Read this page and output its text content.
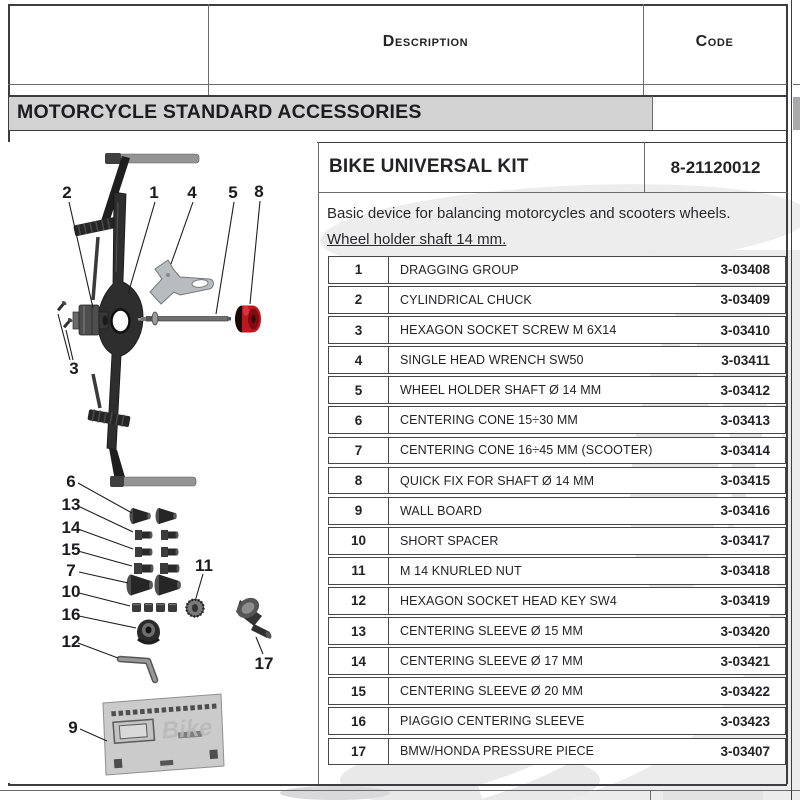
Description	Code
MOTORCYCLE STANDARD ACCESSORIES
BIKE UNIVERSAL KIT	8-21120012
Basic device for balancing motorcycles and scooters wheels.
Wheel holder shaft 14 mm.
1	DRAGGING GROUP	3-03408
2	CYLINDRICAL CHUCK	3-03409
3	HEXAGON SOCKET SCREW M 6X14	3-03410
4	SINGLE HEAD WRENCH SW50	3-03411
5	WHEEL HOLDER SHAFT Ø 14 MM	3-03412
6	CENTERING CONE 15÷30 MM	3-03413
7	CENTERING CONE 16÷45 MM (SCOOTER)	3-03414
8	QUICK FIX FOR SHAFT Ø 14 MM	3-03415
9	WALL BOARD	3-03416
10	SHORT SPACER	3-03417
11	M 14 KNURLED NUT	3-03418
12	HEXAGON SOCKET HEAD KEY SW4	3-03419
13	CENTERING SLEEVE Ø 15 MM	3-03420
14	CENTERING SLEEVE Ø 17 MM	3-03421
15	CENTERING SLEEVE Ø 20 MM	3-03422
16	PIAGGIO CENTERING SLEEVE	3-03423
17	BMW/HONDA PRESSURE PIECE	3-03407
Bike
2	1 4 5 8
3
6
13
14
15
7
10
16
12
11
17
9
